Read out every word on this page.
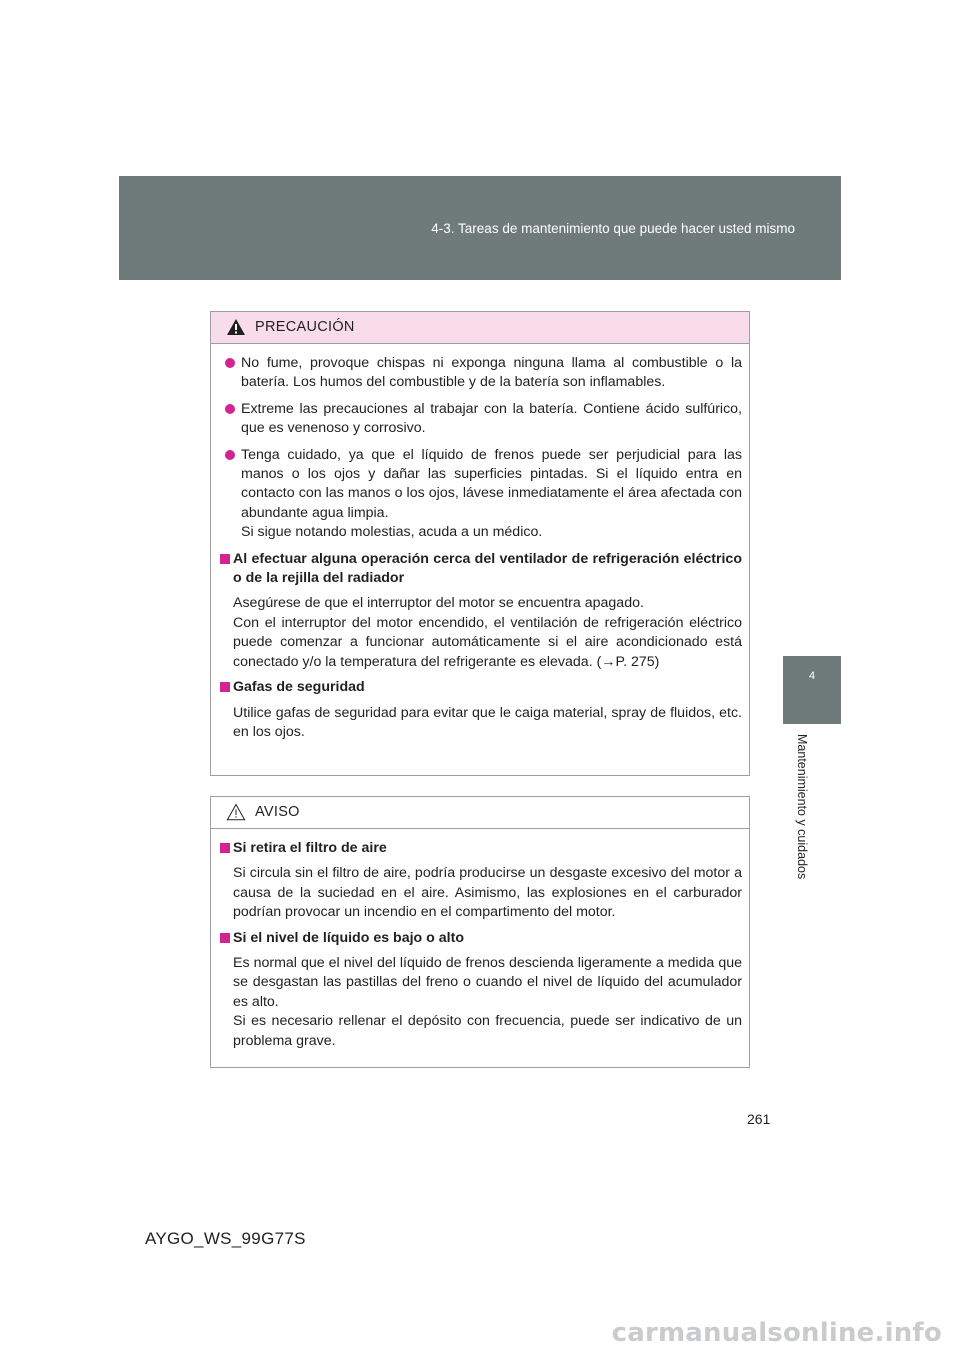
4-3. Tareas de mantenimiento que puede hacer usted mismo
4
Mantenimiento y cuidados
PRECAUCIÓN
No fume, provoque chispas ni exponga ninguna llama al combustible o la batería. Los humos del combustible y de la batería son inflamables.
Extreme las precauciones al trabajar con la batería. Contiene ácido sulfúrico, que es venenoso y corrosivo.
Tenga cuidado, ya que el líquido de frenos puede ser perjudicial para las manos o los ojos y dañar las superficies pintadas. Si el líquido entra en contacto con las manos o los ojos, lávese inmediatamente el área afectada con abundante agua limpia.
Si sigue notando molestias, acuda a un médico.
Al efectuar alguna operación cerca del ventilador de refrigeración eléctrico o de la rejilla del radiador
Asegúrese de que el interruptor del motor se encuentra apagado.
Con el interruptor del motor encendido, el ventilación de refrigeración eléctrico puede comenzar a funcionar automáticamente si el aire acondicionado está conectado y/o la temperatura del refrigerante es elevada. (→P. 275)
Gafas de seguridad
Utilice gafas de seguridad para evitar que le caiga material, spray de fluidos, etc. en los ojos.
AVISO
Si retira el filtro de aire
Si circula sin el filtro de aire, podría producirse un desgaste excesivo del motor a causa de la suciedad en el aire. Asimismo, las explosiones en el carburador podrían provocar un incendio en el compartimento del motor.
Si el nivel de líquido es bajo o alto
Es normal que el nivel del líquido de frenos descienda ligeramente a medida que se desgastan las pastillas del freno o cuando el nivel de líquido del acumulador es alto.
Si es necesario rellenar el depósito con frecuencia, puede ser indicativo de un problema grave.
261
AYGO_WS_99G77S
carmanualsonline.info
